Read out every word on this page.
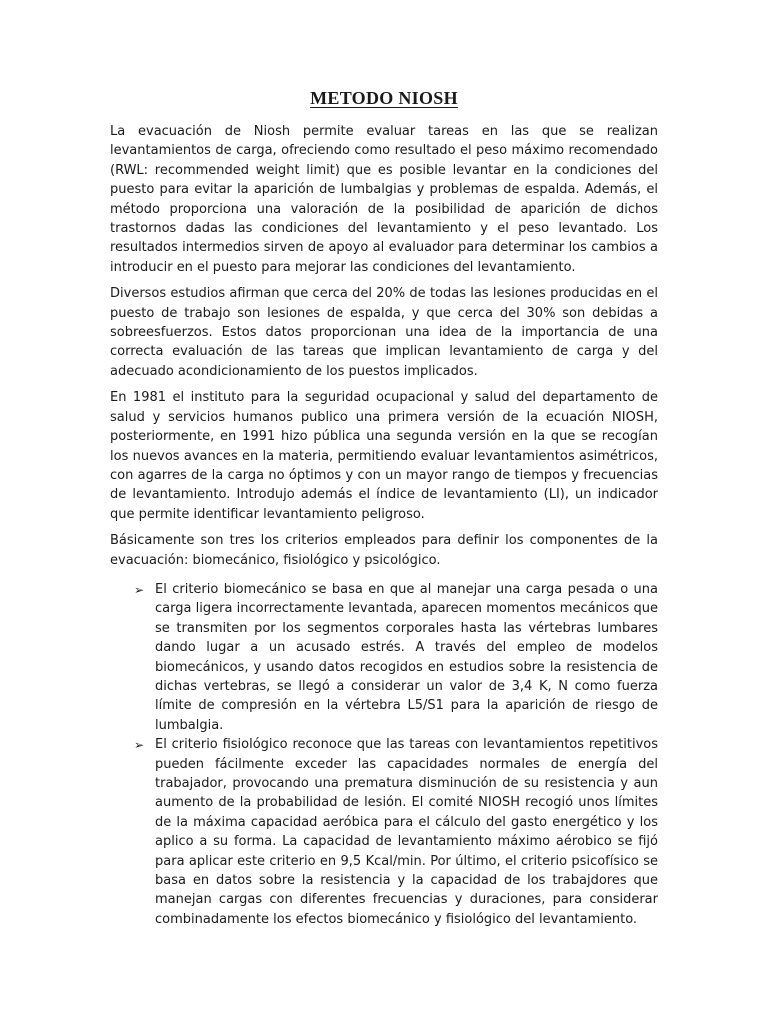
METODO NIOSH

La evacuación de Niosh permite evaluar tareas en las que se realizan levantamientos de carga, ofreciendo como resultado el peso máximo recomendado (RWL: recommended weight limit) que es posible levantar en la condiciones del puesto para evitar la aparición de lumbalgias y problemas de espalda. Además, el método proporciona una valoración de la posibilidad de aparición de dichos trastornos dadas las condiciones del levantamiento y el peso levantado. Los resultados intermedios sirven de apoyo al evaluador para determinar los cambios a introducir en el puesto para mejorar las condiciones del levantamiento.

Diversos estudios afirman que cerca del 20% de todas las lesiones producidas en el puesto de trabajo son lesiones de espalda, y que cerca del 30% son debidas a sobreesfuerzos. Estos datos proporcionan una idea de la importancia de una correcta evaluación de las tareas que implican levantamiento de carga y del adecuado acondicionamiento de los puestos implicados.

En 1981 el instituto para la seguridad ocupacional y salud del departamento de salud y servicios humanos publico una primera versión de la ecuación NIOSH, posteriormente, en 1991 hizo pública una segunda versión en la que se recogían los nuevos avances en la materia, permitiendo evaluar levantamientos asimétricos, con agarres de la carga no óptimos y con un mayor rango de tiempos y frecuencias de levantamiento. Introdujo además el índice de levantamiento (LI), un indicador que permite identificar levantamiento peligroso.

Básicamente son tres los criterios empleados para definir los componentes de la evacuación: biomecánico, fisiológico y psicológico.

➢ El criterio biomecánico se basa en que al manejar una carga pesada o una carga ligera incorrectamente levantada, aparecen momentos mecánicos que se transmiten por los segmentos corporales hasta las vértebras lumbares dando lugar a un acusado estrés. A través del empleo de modelos biomecánicos, y usando datos recogidos en estudios sobre la resistencia de dichas vertebras, se llegó a considerar un valor de 3,4 K, N como fuerza límite de compresión en la vértebra L5/S1 para la aparición de riesgo de lumbalgia.
➢ El criterio fisiológico reconoce que las tareas con levantamientos repetitivos pueden fácilmente exceder las capacidades normales de energía del trabajador, provocando una prematura disminución de su resistencia y aun aumento de la probabilidad de lesión. El comité NIOSH recogió unos límites de la máxima capacidad aeróbica para el cálculo del gasto energético y los aplico a su forma. La capacidad de levantamiento máximo aérobico se fijó para aplicar este criterio en 9,5 Kcal/min. Por último, el criterio psicofísico se basa en datos sobre la resistencia y la capacidad de los trabajdores que manejan cargas con diferentes frecuencias y duraciones, para considerar combinadamente los efectos biomecánico y fisiológico del levantamiento.
